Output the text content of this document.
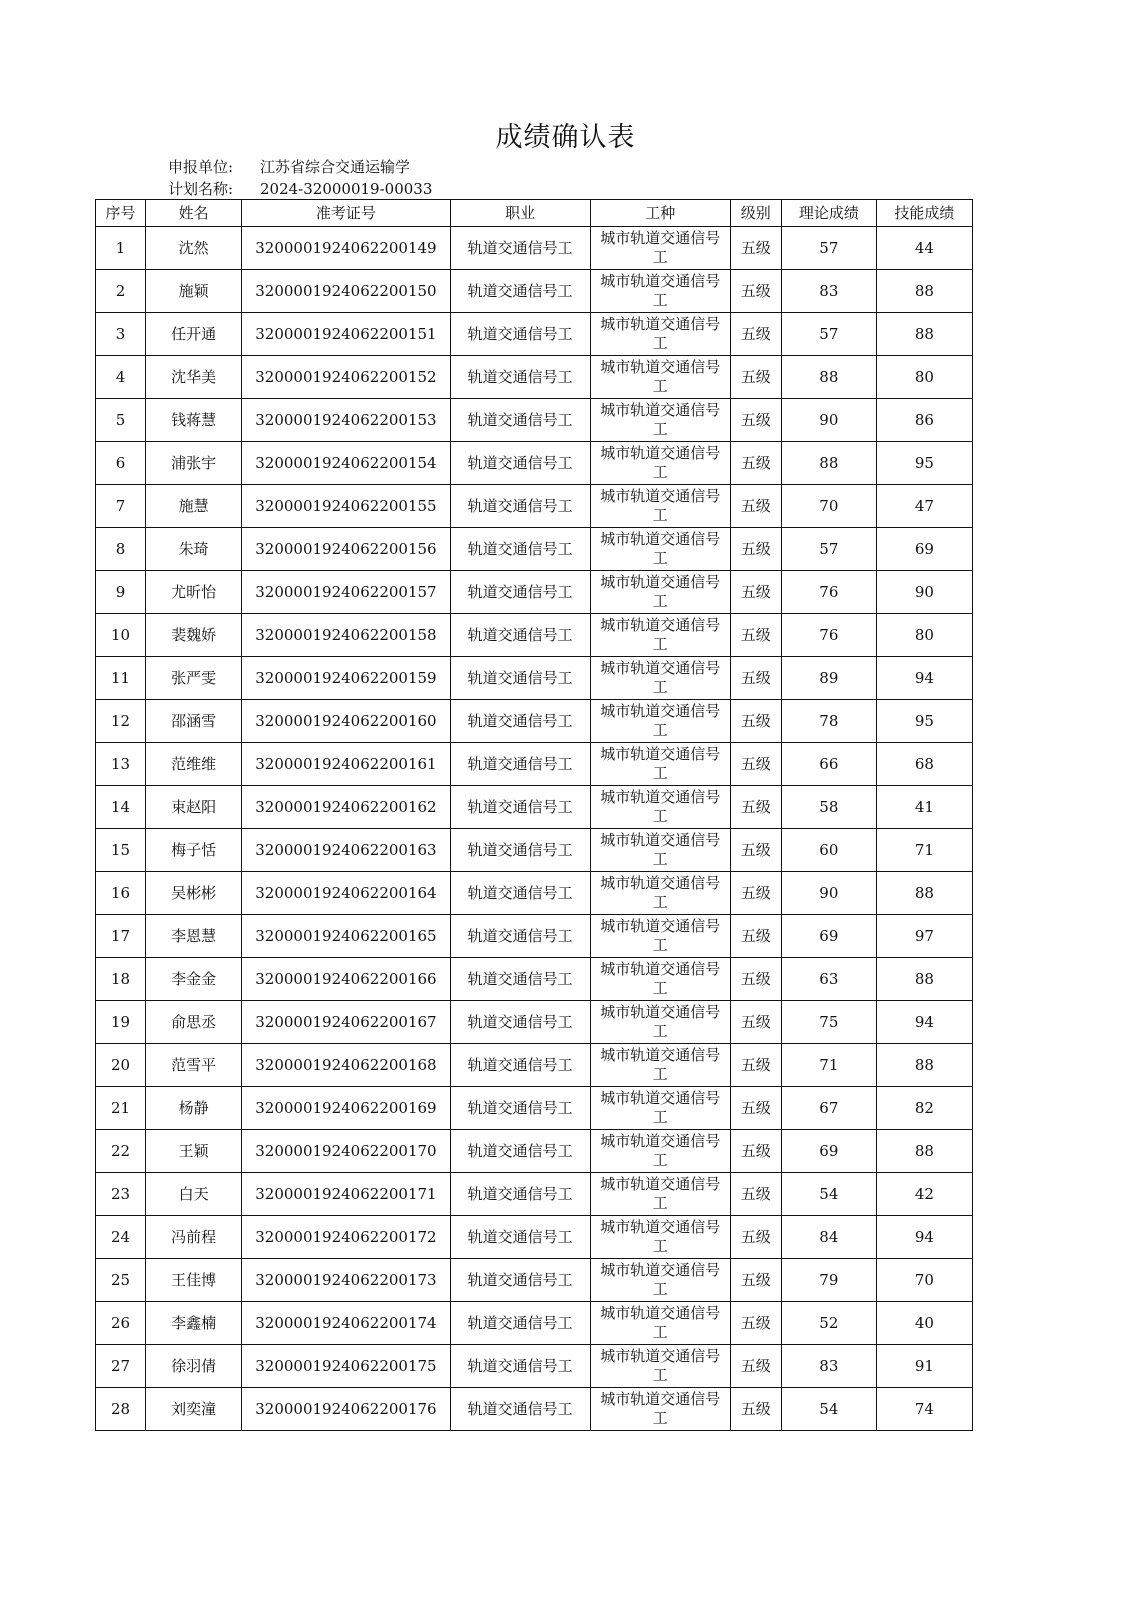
成绩确认表
申报单位: 江苏省综合交通运输学
计划名称: 2024-32000019-00033
序号	姓名	准考证号	职业	工种	级别	理论成绩	技能成绩
1	沈然	3200001924062200149	轨道交通信号工	城市轨道交通信号工	五级	57	44
2	施颖	3200001924062200150	轨道交通信号工	城市轨道交通信号工	五级	83	88
3	任开通	3200001924062200151	轨道交通信号工	城市轨道交通信号工	五级	57	88
4	沈华美	3200001924062200152	轨道交通信号工	城市轨道交通信号工	五级	88	80
5	钱蒋慧	3200001924062200153	轨道交通信号工	城市轨道交通信号工	五级	90	86
6	浦张宇	3200001924062200154	轨道交通信号工	城市轨道交通信号工	五级	88	95
7	施慧	3200001924062200155	轨道交通信号工	城市轨道交通信号工	五级	70	47
8	朱琦	3200001924062200156	轨道交通信号工	城市轨道交通信号工	五级	57	69
9	尤昕怡	3200001924062200157	轨道交通信号工	城市轨道交通信号工	五级	76	90
10	裴魏娇	3200001924062200158	轨道交通信号工	城市轨道交通信号工	五级	76	80
11	张严雯	3200001924062200159	轨道交通信号工	城市轨道交通信号工	五级	89	94
12	邵涵雪	3200001924062200160	轨道交通信号工	城市轨道交通信号工	五级	78	95
13	范维维	3200001924062200161	轨道交通信号工	城市轨道交通信号工	五级	66	68
14	束赵阳	3200001924062200162	轨道交通信号工	城市轨道交通信号工	五级	58	41
15	梅子恬	3200001924062200163	轨道交通信号工	城市轨道交通信号工	五级	60	71
16	吴彬彬	3200001924062200164	轨道交通信号工	城市轨道交通信号工	五级	90	88
17	李恩慧	3200001924062200165	轨道交通信号工	城市轨道交通信号工	五级	69	97
18	李金金	3200001924062200166	轨道交通信号工	城市轨道交通信号工	五级	63	88
19	俞思丞	3200001924062200167	轨道交通信号工	城市轨道交通信号工	五级	75	94
20	范雪平	3200001924062200168	轨道交通信号工	城市轨道交通信号工	五级	71	88
21	杨静	3200001924062200169	轨道交通信号工	城市轨道交通信号工	五级	67	82
22	王颖	3200001924062200170	轨道交通信号工	城市轨道交通信号工	五级	69	88
23	白天	3200001924062200171	轨道交通信号工	城市轨道交通信号工	五级	54	42
24	冯前程	3200001924062200172	轨道交通信号工	城市轨道交通信号工	五级	84	94
25	王佳博	3200001924062200173	轨道交通信号工	城市轨道交通信号工	五级	79	70
26	李鑫楠	3200001924062200174	轨道交通信号工	城市轨道交通信号工	五级	52	40
27	徐羽倩	3200001924062200175	轨道交通信号工	城市轨道交通信号工	五级	83	91
28	刘奕潼	3200001924062200176	轨道交通信号工	城市轨道交通信号工	五级	54	74
